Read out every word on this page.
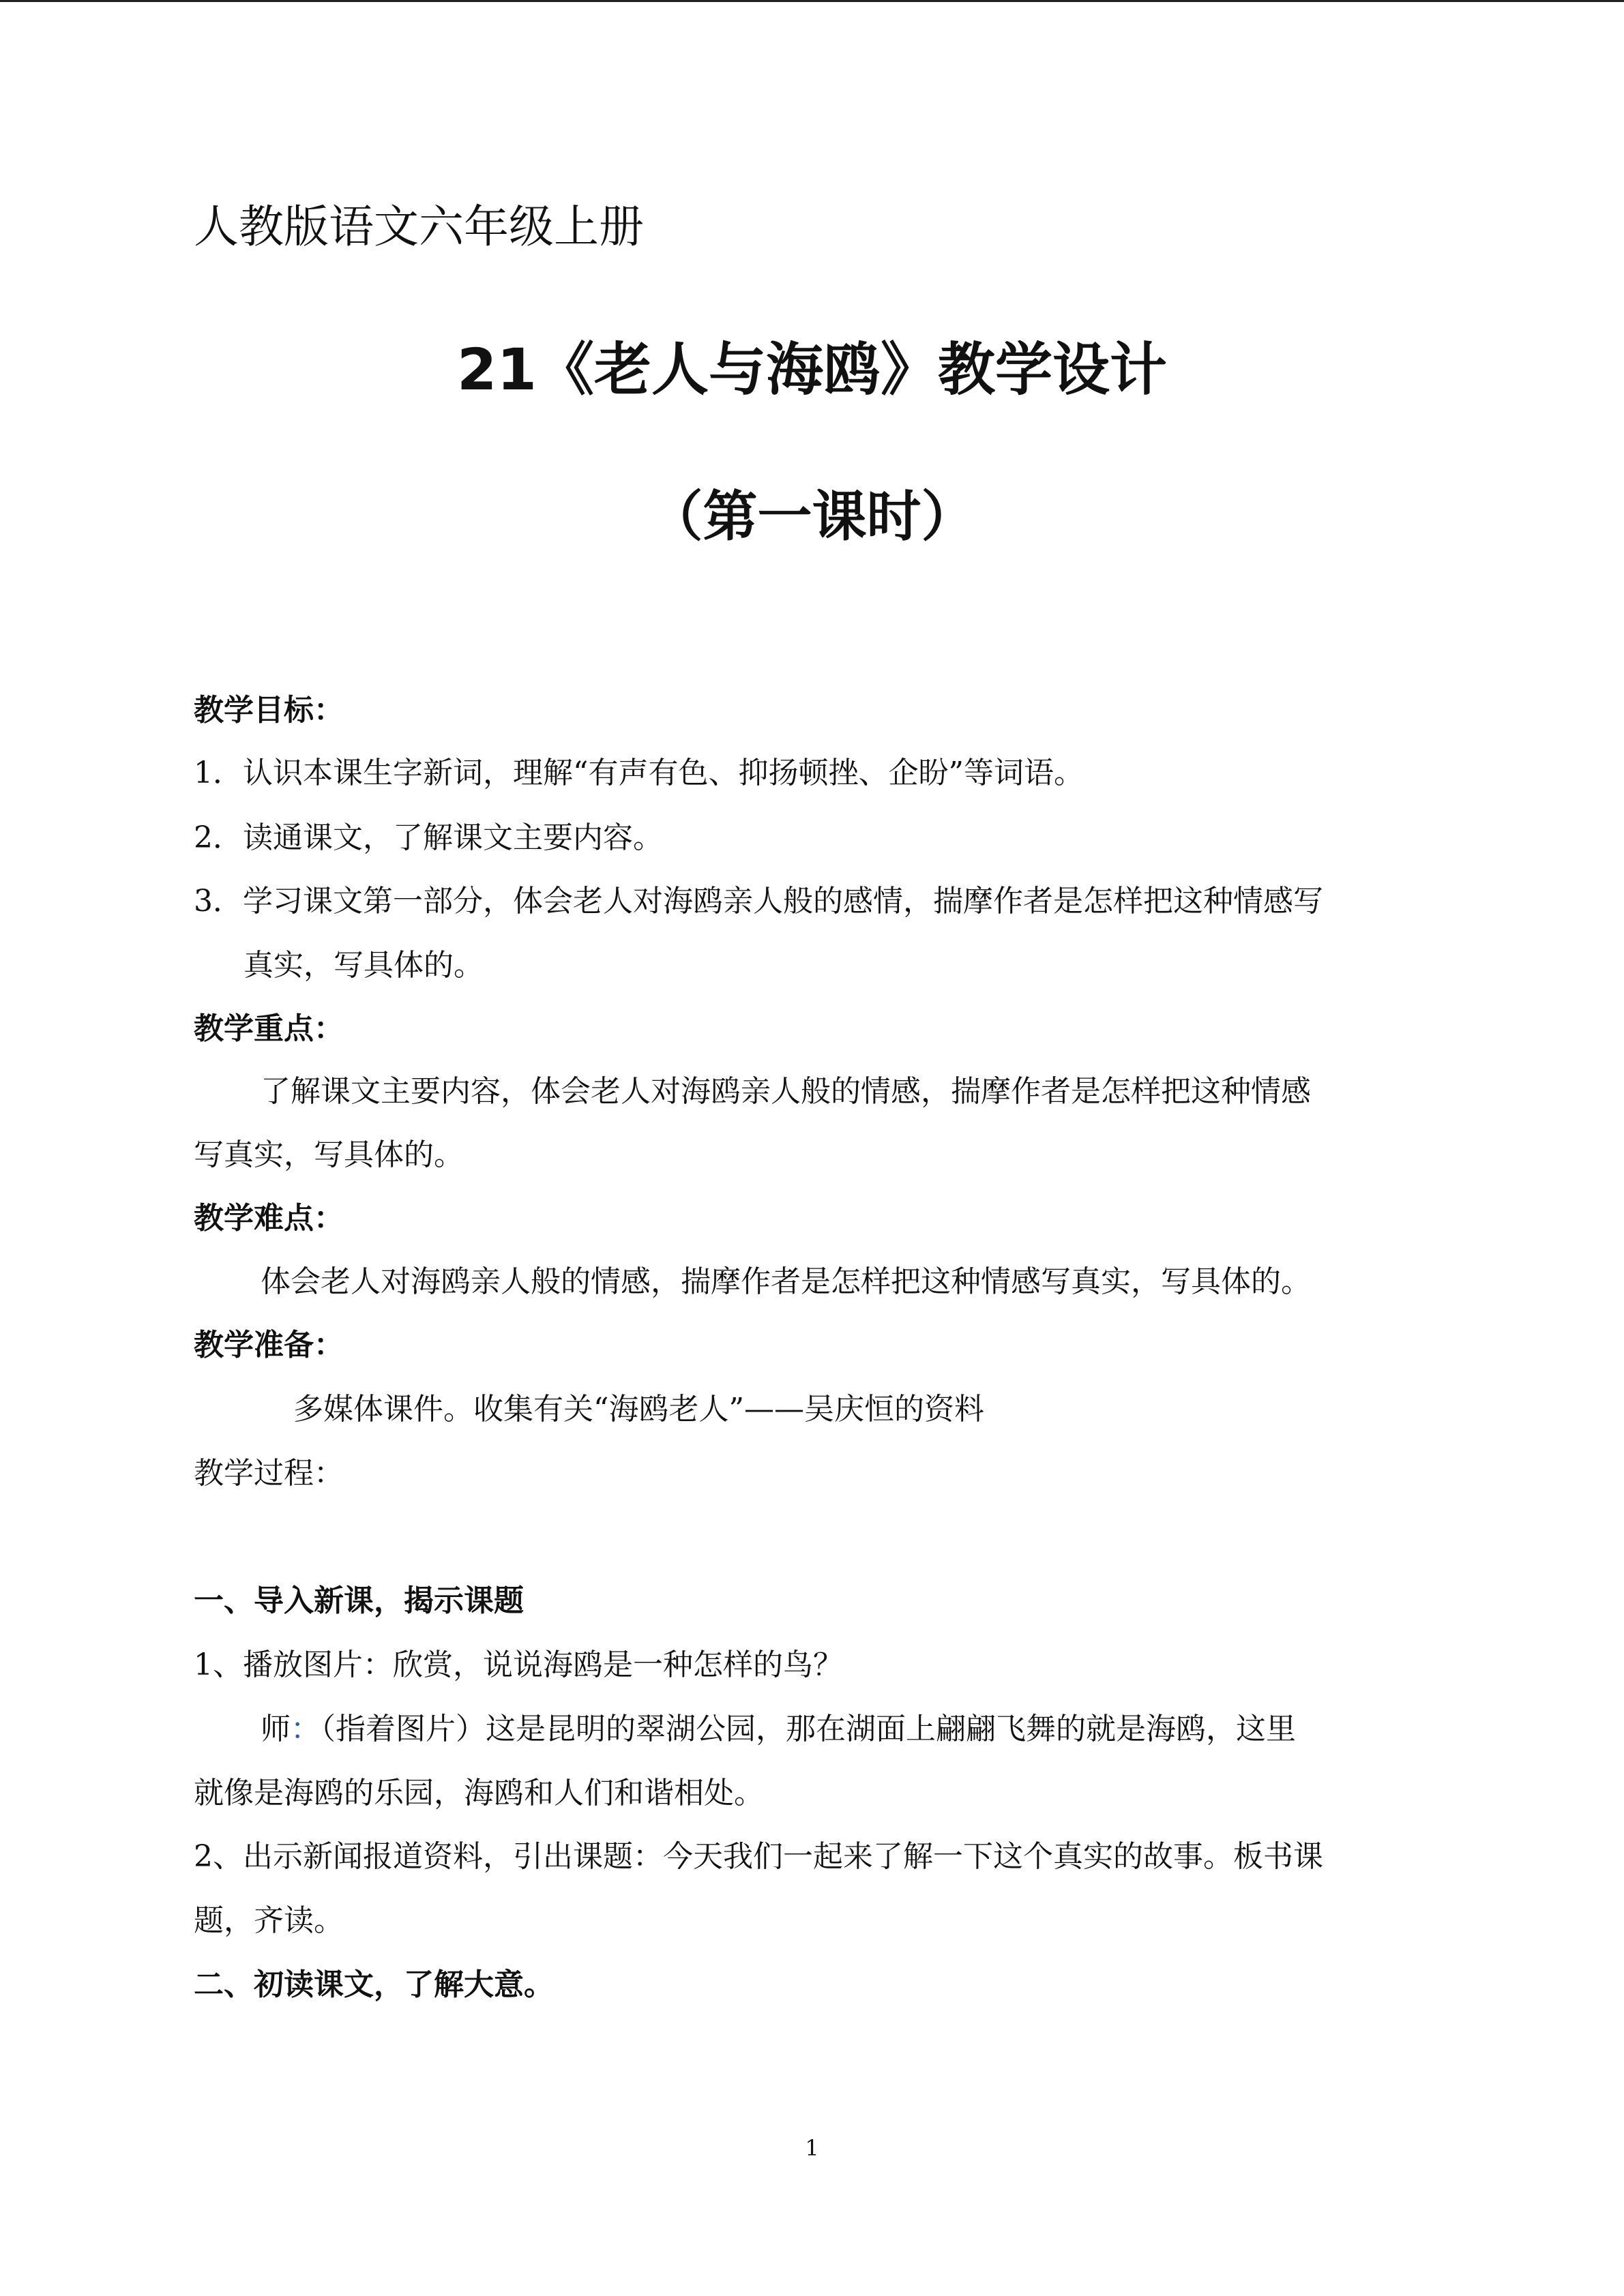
人教版语文六年级上册
21《老人与海鸥》教学设计
（第一课时）
教学目标：
1．认识本课生字新词，理解“有声有色、抑扬顿挫、企盼”等词语。
2．读通课文，了解课文主要内容。
3．学习课文第一部分，体会老人对海鸥亲人般的感情，揣摩作者是怎样把这种情感写
真实，写具体的。
教学重点：
了解课文主要内容，体会老人对海鸥亲人般的情感，揣摩作者是怎样把这种情感
写真实，写具体的。
教学难点：
体会老人对海鸥亲人般的情感，揣摩作者是怎样把这种情感写真实，写具体的。
教学准备：
多媒体课件。收集有关“海鸥老人”——吴庆恒的资料
教学过程：
一、导入新课，揭示课题
1、播放图片：欣赏，说说海鸥是一种怎样的鸟？
师：（指着图片）这是昆明的翠湖公园，那在湖面上翩翩飞舞的就是海鸥，这里
就像是海鸥的乐园，海鸥和人们和谐相处。
2、出示新闻报道资料，引出课题：今天我们一起来了解一下这个真实的故事。板书课
题，齐读。
二、初读课文，了解大意。
1
